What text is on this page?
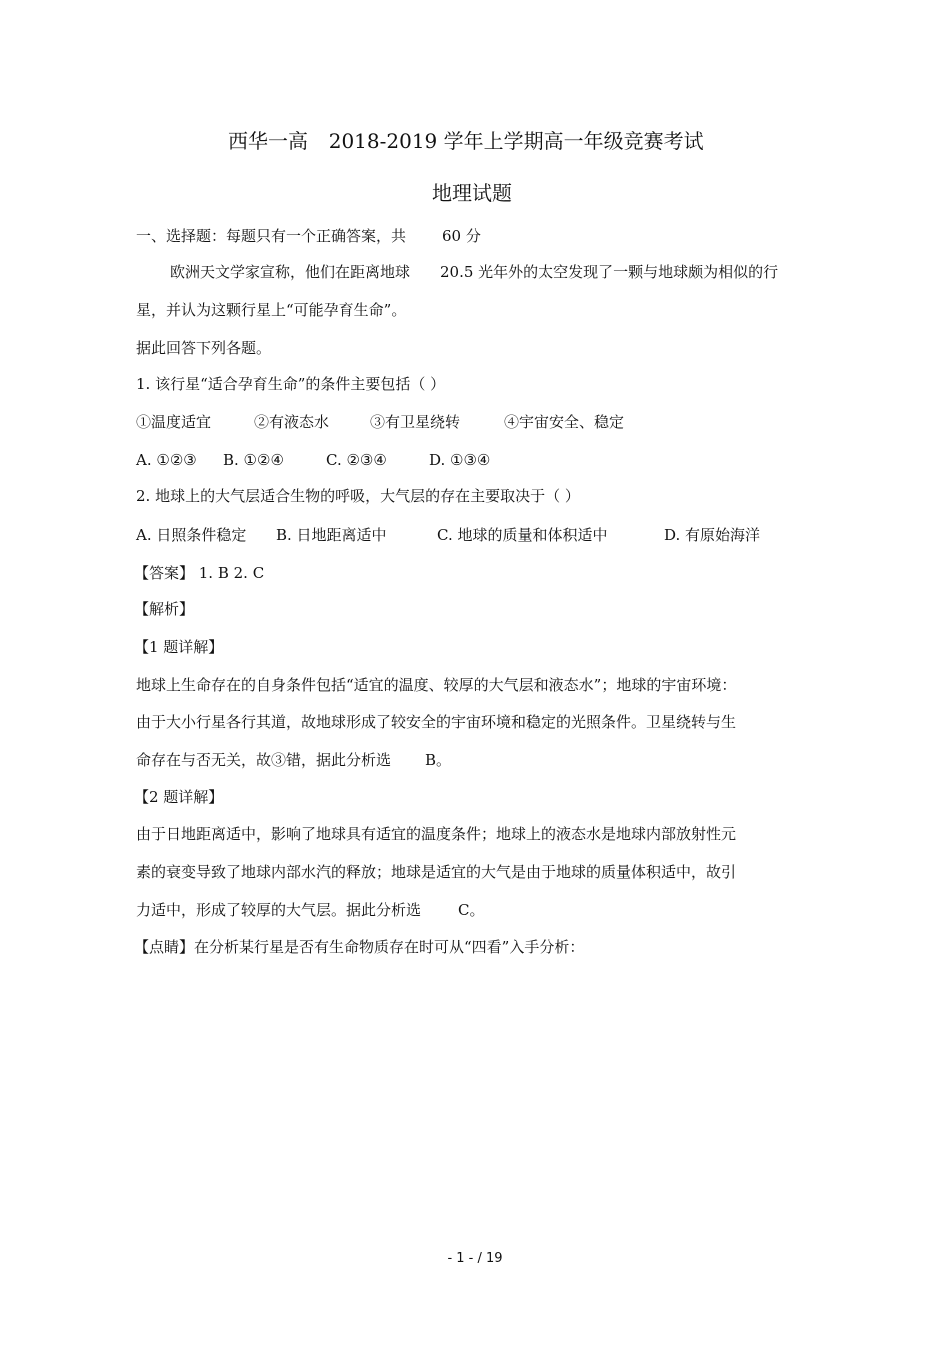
西华一高 2018-2019 学年上学期高一年级竞赛考试
地理试题
一、选择题：每题只有一个正确答案，共 60 分
欧洲天文学家宣称，他们在距离地球 20.5 光年外的太空发现了一颗与地球颇为相似的行
星，并认为这颗行星上“可能孕育生命”。
据此回答下列各题。
1. 该行星“适合孕育生命”的条件主要包括（ ）
①温度适宜	②有液态水	③有卫星绕转	④宇宙安全、稳定
A. ①②③ B. ①②④	C. ②③④	D. ①③④
2. 地球上的大气层适合生物的呼吸，大气层的存在主要取决于（ ）
A. 日照条件稳定 B. 日地距离适中	C. 地球的质量和体积适中	D. 有原始海洋
【答案】 1. B 2. C
【解析】
【1 题详解】
地球上生命存在的自身条件包括“适宜的温度、较厚的大气层和液态水”；地球的宇宙环境：
由于大小行星各行其道，故地球形成了较安全的宇宙环境和稳定的光照条件。卫星绕转与生
命存在与否无关，故③错，据此分析选 B。
【2 题详解】
由于日地距离适中，影响了地球具有适宜的温度条件；地球上的液态水是地球内部放射性元
素的衰变导致了地球内部水汽的释放；地球是适宜的大气是由于地球的质量体积适中，故引
力适中，形成了较厚的大气层。据此分析选 C。
【点睛】在分析某行星是否有生命物质存在时可从“四看”入手分析：
- 1 - / 19
